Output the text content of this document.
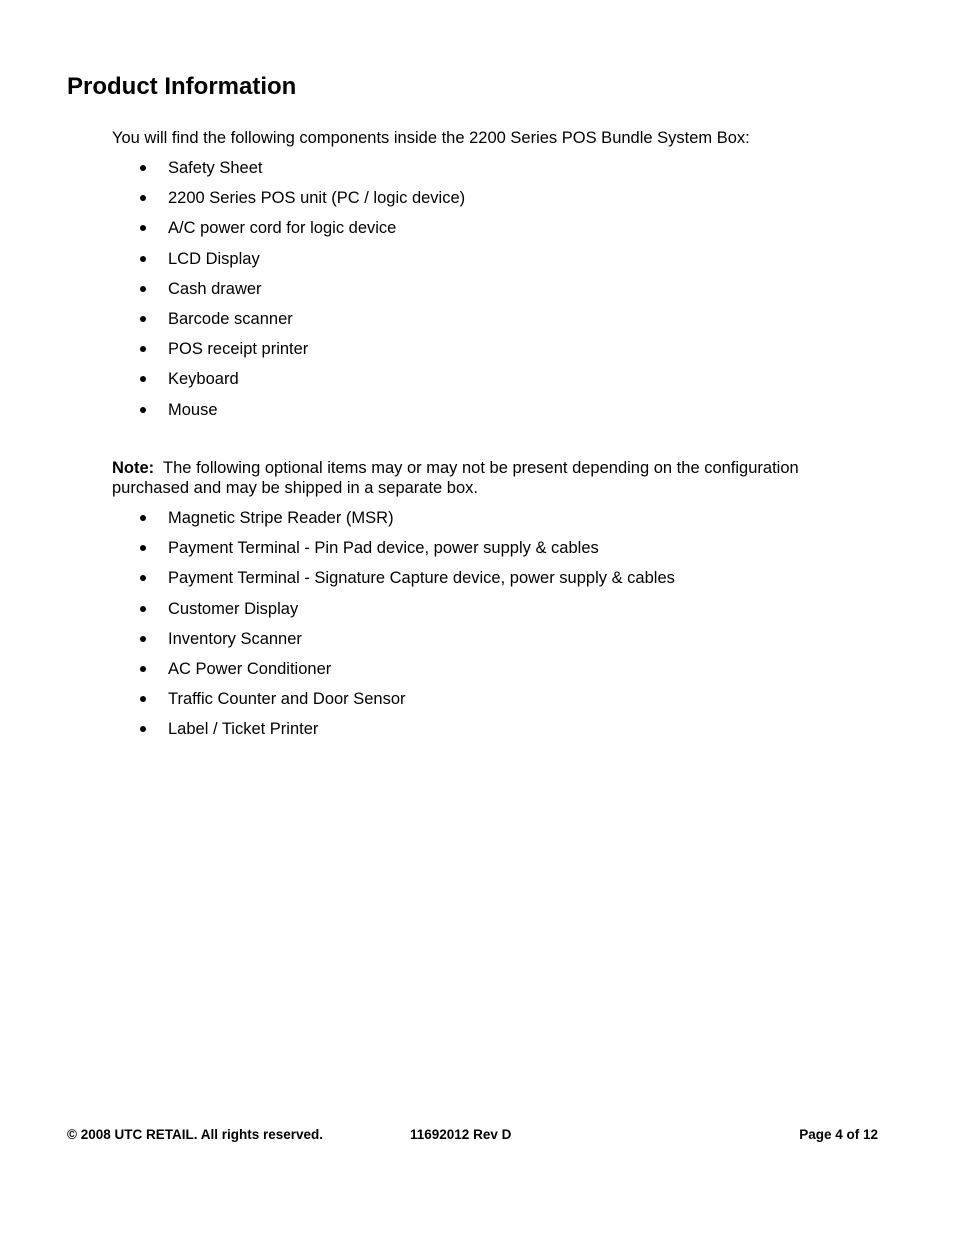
Product Information

You will find the following components inside the 2200 Series POS Bundle System Box:

Safety Sheet
2200 Series POS unit (PC / logic device)
A/C power cord for logic device
LCD Display
Cash drawer
Barcode scanner
POS receipt printer
Keyboard
Mouse

Note: The following optional items may or may not be present depending on the configuration purchased and may be shipped in a separate box.

Magnetic Stripe Reader (MSR)
Payment Terminal - Pin Pad device, power supply & cables
Payment Terminal - Signature Capture device, power supply & cables
Customer Display
Inventory Scanner
AC Power Conditioner
Traffic Counter and Door Sensor
Label / Ticket Printer
© 2008 UTC RETAIL. All rights reserved.	11692012 Rev D	Page 4 of 12
